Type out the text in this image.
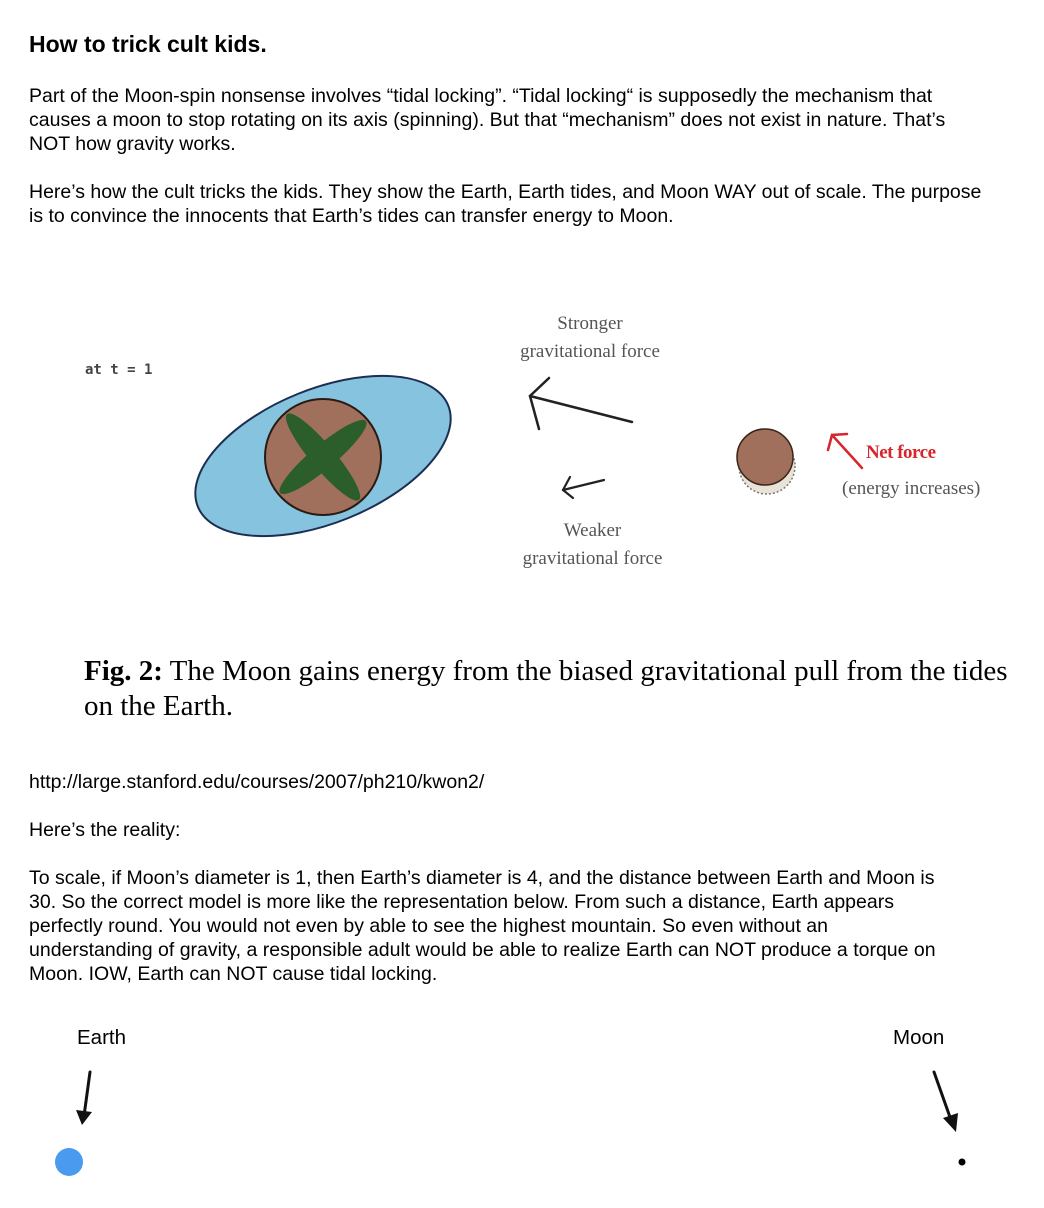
How to trick cult kids.

Part of the Moon-spin nonsense involves “tidal locking”. “Tidal locking“ is supposedly the mechanism that causes a moon to stop rotating on its axis (spinning). But that “mechanism” does not exist in nature. That’s NOT how gravity works.

Here’s how the cult tricks the kids. They show the Earth, Earth tides, and Moon WAY out of scale. The purpose is to convince the innocents that Earth’s tides can transfer energy to Moon.

at t = 1
Stronger
gravitational force
Weaker
gravitational force
Net force
(energy increases)
Fig. 2: The Moon gains energy from the biased gravitational pull from the tides on the Earth.

http://large.stanford.edu/courses/2007/ph210/kwon2/

Here’s the reality:

To scale, if Moon’s diameter is 1, then Earth’s diameter is 4, and the distance between Earth and Moon is 30. So the correct model is more like the representation below. From such a distance, Earth appears perfectly round. You would not even by able to see the highest mountain. So even without an understanding of gravity, a responsible adult would be able to realize Earth can NOT produce a torque on Moon. IOW, Earth can NOT cause tidal locking.

Earth	Moon
